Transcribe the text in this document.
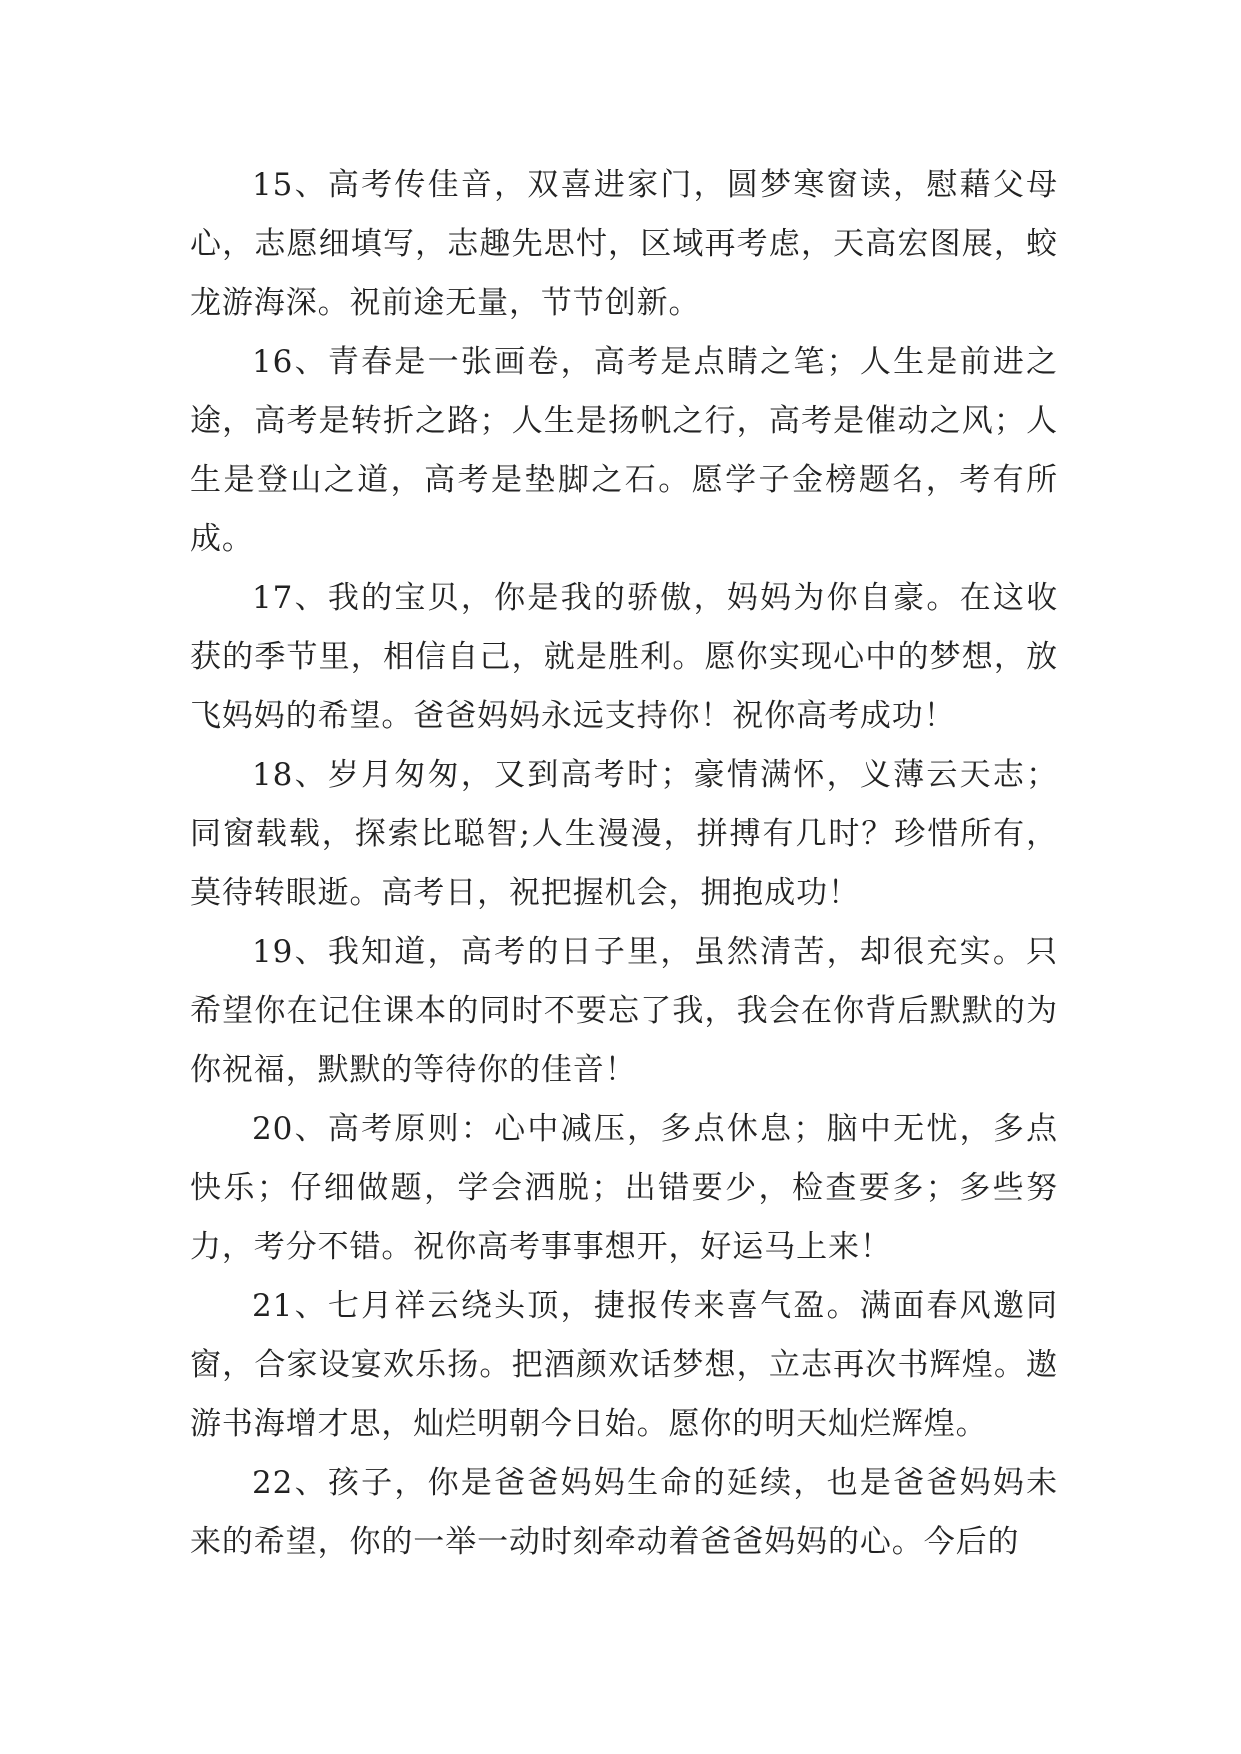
15、高考传佳音，双喜进家门，圆梦寒窗读，慰藉父母心，志愿细填写，志趣先思忖，区域再考虑，天高宏图展，蛟龙游海深。祝前途无量，节节创新。

16、青春是一张画卷，高考是点睛之笔；人生是前进之途，高考是转折之路；人生是扬帆之行，高考是催动之风；人生是登山之道，高考是垫脚之石。愿学子金榜题名，考有所成。

17、我的宝贝，你是我的骄傲，妈妈为你自豪。在这收获的季节里，相信自己，就是胜利。愿你实现心中的梦想，放飞妈妈的希望。爸爸妈妈永远支持你！祝你高考成功！

18、岁月匆匆，又到高考时；豪情满怀，义薄云天志；同窗载载，探索比聪智;人生漫漫，拼搏有几时？珍惜所有，莫待转眼逝。高考日，祝把握机会，拥抱成功！

19、我知道，高考的日子里，虽然清苦，却很充实。只希望你在记住课本的同时不要忘了我，我会在你背后默默的为你祝福，默默的等待你的佳音！

20、高考原则：心中减压，多点休息；脑中无忧，多点快乐；仔细做题，学会洒脱；出错要少，检查要多；多些努力，考分不错。祝你高考事事想开，好运马上来！

21、七月祥云绕头顶，捷报传来喜气盈。满面春风邀同窗，合家设宴欢乐扬。把酒颜欢话梦想，立志再次书辉煌。遨游书海增才思，灿烂明朝今日始。愿你的明天灿烂辉煌。

22、孩子，你是爸爸妈妈生命的延续，也是爸爸妈妈未来的希望，你的一举一动时刻牵动着爸爸妈妈的心。今后的
